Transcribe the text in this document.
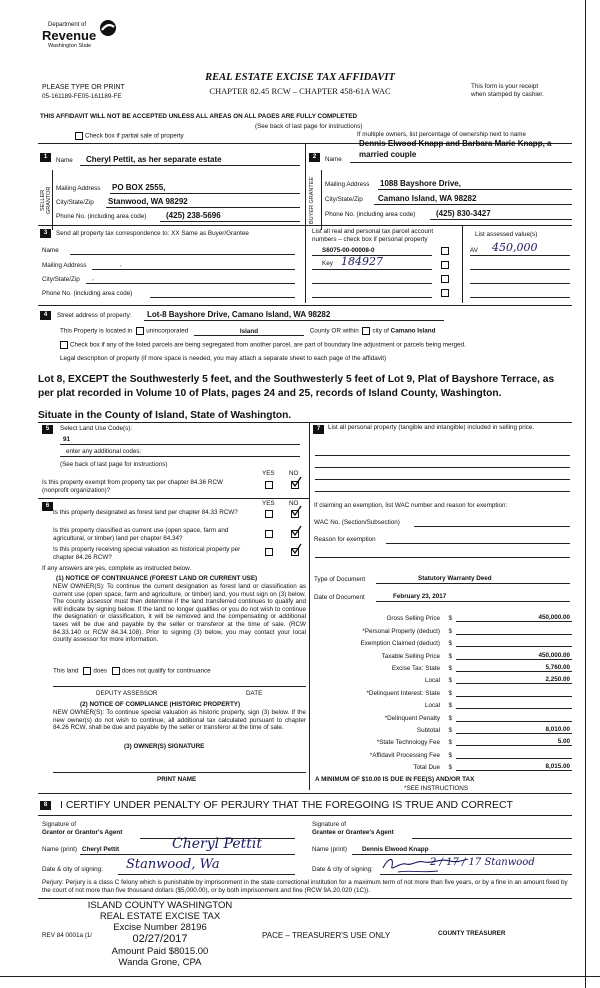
Department of
Revenue
Washington State
PLEASE TYPE OR PRINT
05-161189-FE05-161189-FE
REAL ESTATE EXCISE TAX AFFIDAVIT
CHAPTER 82.45 RCW – CHAPTER 458-61A WAC	This form is your receipt
when stamped by cashier.
THIS AFFIDAVIT WILL NOT BE ACCEPTED UNLESS ALL AREAS ON ALL PAGES ARE FULLY COMPLETED
(See back of last page for instructions)
Check box if partial sale of property	If multiple owners, list percentage of ownership next to name
1
SELLER GRANTOR
Name Cheryl Pettit, as her separate estate
Mailing Address PO BOX 2555,
City/State/Zip Stanwood, WA 98292
Phone No. (including area code) (425) 238-5696
2
BUYER GRANTEE
Dennis Elwood Knapp and Barbara Marie Knapp, a
Name
married couple
Mailing Address 1088 Bayshore Drive,
City/State/Zip Camano Island, WA 98282
Phone No. (including area code)	(425) 830-3427
3	Send all property tax correspondence to: XX Same as Buyer/Grantee
Name
Mailing Address	,
City/State/Zip ,
Phone No. (including area code)
List all real and personal tax parcel account
numbers – check box if personal property
List assessed value(s)
S6075-00-00008-0
Key 184927
AV 450,000
4	Street address of property: Lot-8 Bayshore Drive, Camano Island, WA 98282
This Property is located in unincorporated	Island	County OR within city of Camano Island
Check box if any of the listed parcels are being segregated from another parcel, are part of boundary line adjustment or parcels being merged.
Legal description of property (if more space is needed, you may attach a separate sheet to each page of the affidavit)
Lot 8, EXCEPT the Southwesterly 5 feet, and the Southwesterly 5 feet of Lot 9, Plat of Bayshore Terrace, as per plat recorded in Volume 10 of Plats, pages 24 and 25, records of Island County, Washington.
Situate in the County of Island, State of Washington.
5	Select Land Use Code(s):
91
enter any additional codes:
(See back of last page for instructions)
YES NO
Is this property exempt from property tax per chapter 84.36 RCW (nonprofit organization)?
6	YES NO
Is this property designated as forest land per chapter 84.33 RCW?
Is this property classified as current use (open space, farm and agricultural, or timber) land per chapter 84.34?
Is this property receiving special valuation as historical property per chapter 84.26 RCW?
If any answers are yes, complete as instructed below.
(1) NOTICE OF CONTINUANCE (FOREST LAND OR CURRENT USE)
NEW OWNER(S): To continue the current designation as forest land or classification as current use (open space, farm and agriculture, or timber) land, you must sign on (3) below. The county assessor must then determine if the land transferred continues to qualify and will indicate by signing below. If the land no longer qualifies or you do not wish to continue the designation or classification, it will be removed and the compensating or additional taxes will be due and payable by the seller or transferor at the time of sale. (RCW 84.33.140 or RCW 84.34.108). Prior to signing (3) below, you may contact your local county assessor for more information.
This land does does not qualify for continuance
DEPUTY ASSESSOR	DATE
(2) NOTICE OF COMPLIANCE (HISTORIC PROPERTY)
NEW OWNER(S): To continue special valuation as historic property, sign (3) below. If the new owner(s) do not wish to continue, all additional tax calculated pursuant to chapter 84.26 RCW, shall be due and payable by the seller or transferor at the time of sale.
(3) OWNER(S) SIGNATURE
PRINT NAME
7	List all personal property (tangible and intangible) included in selling price.
If claiming an exemption, list WAC number and reason for exemption:
WAC No. (Section/Subsection)
Reason for exemption
Type of Document	Statutory Warranty Deed
Date of Document	February 23, 2017
Gross Selling Price	$	450,000.00
*Personal Property (deduct)	$
Exemption Claimed (deduct)	$
Taxable Selling Price	$	450,000.00
Excise Tax: State	$	5,760.00
Local	$	2,250.00
*Delinquent Interest: State	$
Local	$
*Delinquent Penalty	$
Subtotal	$	8,010.00
*State Technology Fee	$	5.00
*Affidavit Processing Fee	$
Total Due	$	8,015.00
A MINIMUM OF $10.00 IS DUE IN FEE(S) AND/OR TAX
*SEE INSTRUCTIONS
8	I CERTIFY UNDER PENALTY OF PERJURY THAT THE FOREGOING IS TRUE AND CORRECT
Signature of
Grantor or Grantor's Agent
Signature of
Grantee or Grantee's Agent
Name (print) Cheryl Pettit	Cheryl Pettit	Name (print) Dennis Elwood Knapp
Date & city of signing: Stanwood, Wa	Date & city of signing:
2 / 17 / 17 Stanwood
Perjury: Perjury is a class C felony which is punishable by imprisonment in the state correctional institution for a maximum term of not more than five years, or by a fine in an amount fixed by the court of not more than five thousand dollars ($5,000.00), or by both imprisonment and fine (RCW 9A.20.020 (1C)).
REV 84 0001a (1/
ISLAND COUNTY WASHINGTON
REAL ESTATE EXCISE TAX
Excise Number 28196
02/27/2017
Amount Paid $8015.00
Wanda Grone, CPA
PACE – TREASURER'S USE ONLY	COUNTY TREASURER
